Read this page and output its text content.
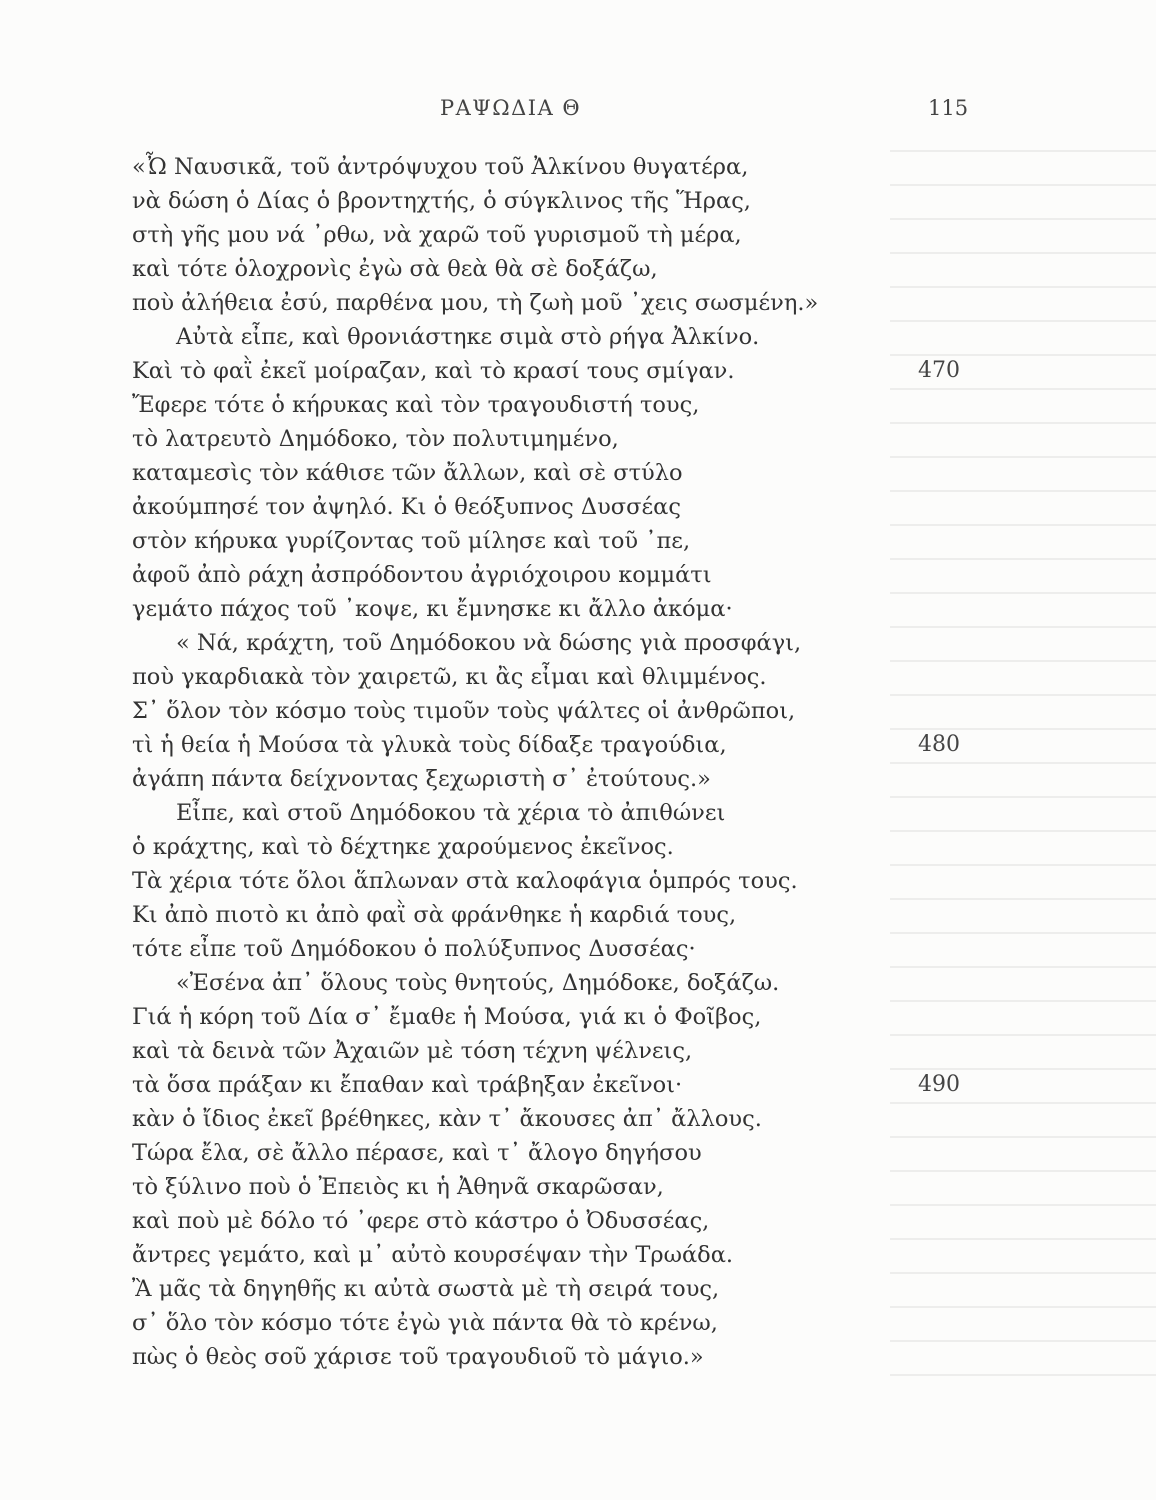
ΡΑΨΩΔΙΑ Θ	115
«Ὦ Ναυσικᾶ, τοῦ ἀντρόψυχου τοῦ Ἀλκίνου θυγατέρα,
νὰ δώση ὁ Δίας ὁ βροντηχτής, ὁ σύγκλινος τῆς Ἥρας,
στὴ γῆς μου νά ᾿ρθω, νὰ χαρῶ τοῦ γυρισμοῦ τὴ μέρα,
καὶ τότε ὁλοχρονὶς ἐγὼ σὰ θεὰ θὰ σὲ δοξάζω,
ποὺ ἀλήθεια ἐσύ, παρθένα μου, τὴ ζωὴ μοῦ ᾿χεις σωσμένη.»
Αὐτὰ εἶπε, καὶ θρονιάστηκε σιμὰ στὸ ρήγα Ἀλκίνο.
Καὶ τὸ φαῒ ἐκεῖ μοίραζαν, καὶ τὸ κρασί τους σμίγαν.	470
Ἔφερε τότε ὁ κήρυκας καὶ τὸν τραγουδιστή τους,
τὸ λατρευτὸ Δημόδοκο, τὸν πολυτιμημένο,
καταμεσὶς τὸν κάθισε τῶν ἄλλων, καὶ σὲ στύλο
ἀκούμπησέ τον ἀψηλό. Κι ὁ θεόξυπνος Δυσσέας
στὸν κήρυκα γυρίζοντας τοῦ μίλησε καὶ τοῦ ᾿πε,
ἀφοῦ ἀπὸ ράχη ἀσπρόδοντου ἀγριόχοιρου κομμάτι
γεμάτο πάχος τοῦ ᾿κοψε, κι ἔμνησκε κι ἄλλο ἀκόμα·
« Νά, κράχτη, τοῦ Δημόδοκου νὰ δώσης γιὰ προσφάγι,
ποὺ γκαρδιακὰ τὸν χαιρετῶ, κι ἂς εἶμαι καὶ θλιμμένος.
Σ᾿ ὅλον τὸν κόσμο τοὺς τιμοῦν τοὺς ψάλτες οἱ ἀνθρῶποι,
τὶ ἡ θεία ἡ Μούσα τὰ γλυκὰ τοὺς δίδαξε τραγούδια,	480
ἀγάπη πάντα δείχνοντας ξεχωριστὴ σ᾿ ἐτούτους.»
Εἶπε, καὶ στοῦ Δημόδοκου τὰ χέρια τὸ ἀπιθώνει
ὁ κράχτης, καὶ τὸ δέχτηκε χαρούμενος ἐκεῖνος.
Τὰ χέρια τότε ὅλοι ἅπλωναν στὰ καλοφάγια ὁμπρός τους.
Κι ἀπὸ πιοτὸ κι ἀπὸ φαῒ σὰ φράνθηκε ἡ καρδιά τους,
τότε εἶπε τοῦ Δημόδοκου ὁ πολύξυπνος Δυσσέας·
«Ἐσένα ἀπ᾿ ὅλους τοὺς θνητούς, Δημόδοκε, δοξάζω.
Γιά ἡ κόρη τοῦ Δία σ᾿ ἔμαθε ἡ Μούσα, γιά κι ὁ Φοῖβος,
καὶ τὰ δεινὰ τῶν Ἀχαιῶν μὲ τόση τέχνη ψέλνεις,
τὰ ὅσα πράξαν κι ἔπαθαν καὶ τράβηξαν ἐκεῖνοι·	490
κὰν ὁ ἴδιος ἐκεῖ βρέθηκες, κὰν τ᾿ ἄκουσες ἀπ᾿ ἄλλους.
Τώρα ἔλα, σὲ ἄλλο πέρασε, καὶ τ᾿ ἄλογο δηγήσου
τὸ ξύλινο ποὺ ὁ Ἐπειὸς κι ἡ Ἀθηνᾶ σκαρῶσαν,
καὶ ποὺ μὲ δόλο τό ᾿φερε στὸ κάστρο ὁ Ὀδυσσέας,
ἄντρες γεμάτο, καὶ μ᾿ αὐτὸ κουρσέψαν τὴν Τρωάδα.
Ἂ μᾶς τὰ δηγηθῆς κι αὐτὰ σωστὰ μὲ τὴ σειρά τους,
σ᾿ ὅλο τὸν κόσμο τότε ἐγὼ γιὰ πάντα θὰ τὸ κρένω,
πὼς ὁ θεὸς σοῦ χάρισε τοῦ τραγουδιοῦ τὸ μάγιο.»
